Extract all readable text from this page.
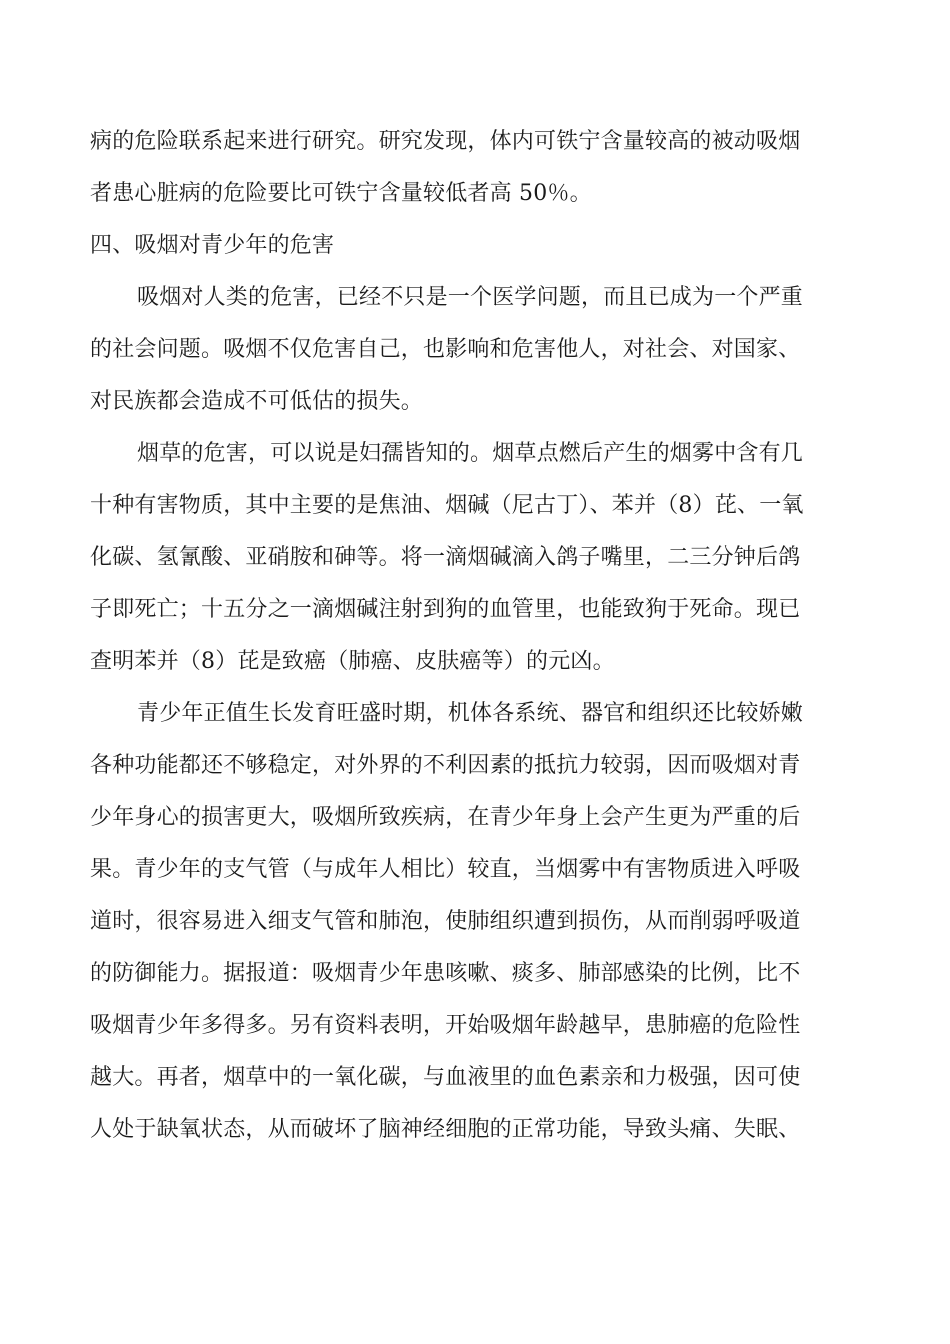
病的危险联系起来进行研究。研究发现，体内可铁宁含量较高的被动吸烟
者患心脏病的危险要比可铁宁含量较低者高 50％。
四、吸烟对青少年的危害
吸烟对人类的危害，已经不只是一个医学问题，而且已成为一个严重
的社会问题。吸烟不仅危害自己，也影响和危害他人，对社会、对国家、
对民族都会造成不可低估的损失。
烟草的危害，可以说是妇孺皆知的。烟草点燃后产生的烟雾中含有几
十种有害物质，其中主要的是焦油、烟碱（尼古丁）、苯并（8）芘、一氧
化碳、氢氰酸、亚硝胺和砷等。将一滴烟碱滴入鸽子嘴里，二三分钟后鸽
子即死亡；十五分之一滴烟碱注射到狗的血管里，也能致狗于死命。现已
查明苯并（8）芘是致癌（肺癌、皮肤癌等）的元凶。
青少年正值生长发育旺盛时期，机体各系统、器官和组织还比较娇嫩
各种功能都还不够稳定，对外界的不利因素的抵抗力较弱，因而吸烟对青
少年身心的损害更大，吸烟所致疾病，在青少年身上会产生更为严重的后
果。青少年的支气管（与成年人相比）较直，当烟雾中有害物质进入呼吸
道时，很容易进入细支气管和肺泡，使肺组织遭到损伤，从而削弱呼吸道
的防御能力。据报道：吸烟青少年患咳嗽、痰多、肺部感染的比例，比不
吸烟青少年多得多。另有资料表明，开始吸烟年龄越早，患肺癌的危险性
越大。再者，烟草中的一氧化碳，与血液里的血色素亲和力极强，因可使
人处于缺氧状态，从而破坏了脑神经细胞的正常功能，导致头痛、失眠、
